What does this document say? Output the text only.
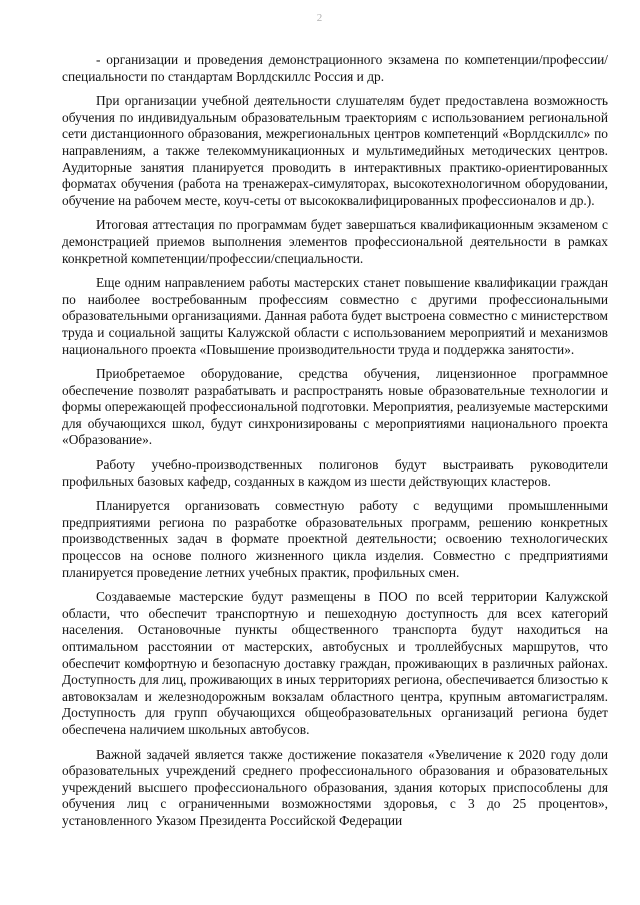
2

- организации и проведения демонстрационного экзамена по компетенции/профессии/специальности по стандартам Ворлдскиллс Россия и др.

При организации учебной деятельности слушателям будет предоставлена возможность обучения по индивидуальным образовательным траекториям с использованием региональной сети дистанционного образования, межрегиональных центров компетенций «Ворлдскиллс» по направлениям, а также телекоммуникационных и мультимедийных методических центров. Аудиторные занятия планируется проводить в интерактивных практико-ориентированных форматах обучения (работа на тренажерах-симуляторах, высокотехнологичном оборудовании, обучение на рабочем месте, коуч-сеты от высококвалифицированных профессионалов и др.).

Итоговая аттестация по программам будет завершаться квалификационным экзаменом с демонстрацией приемов выполнения элементов профессиональной деятельности в рамках конкретной компетенции/профессии/специальности.

Еще одним направлением работы мастерских станет повышение квалификации граждан по наиболее востребованным профессиям совместно с другими профессиональными образовательными организациями. Данная работа будет выстроена совместно с министерством труда и социальной защиты Калужской области с использованием мероприятий и механизмов национального проекта «Повышение производительности труда и поддержка занятости».

Приобретаемое оборудование, средства обучения, лицензионное программное обеспечение позволят разрабатывать и распространять новые образовательные технологии и формы опережающей профессиональной подготовки. Мероприятия, реализуемые мастерскими для обучающихся школ, будут синхронизированы с мероприятиями национального проекта «Образование».

Работу учебно-производственных полигонов будут выстраивать руководители профильных базовых кафедр, созданных в каждом из шести действующих кластеров.

Планируется организовать совместную работу с ведущими промышленными предприятиями региона по разработке образовательных программ, решению конкретных производственных задач в формате проектной деятельности; освоению технологических процессов на основе полного жизненного цикла изделия. Совместно с предприятиями планируется проведение летних учебных практик, профильных смен.

Создаваемые мастерские будут размещены в ПОО по всей территории Калужской области, что обеспечит транспортную и пешеходную доступность для всех категорий населения. Остановочные пункты общественного транспорта будут находиться на оптимальном расстоянии от мастерских, автобусных и троллейбусных маршрутов, что обеспечит комфортную и безопасную доставку граждан, проживающих в различных районах. Доступность для лиц, проживающих в иных территориях региона, обеспечивается близостью к автовокзалам и железнодорожным вокзалам областного центра, крупным автомагистралям. Доступность для групп обучающихся общеобразовательных организаций региона будет обеспечена наличием школьных автобусов.

Важной задачей является также достижение показателя «Увеличение к 2020 году доли образовательных учреждений среднего профессионального образования и образовательных учреждений высшего профессионального образования, здания которых приспособлены для обучения лиц с ограниченными возможностями здоровья, с 3 до 25 процентов», установленного Указом Президента Российской Федерации
